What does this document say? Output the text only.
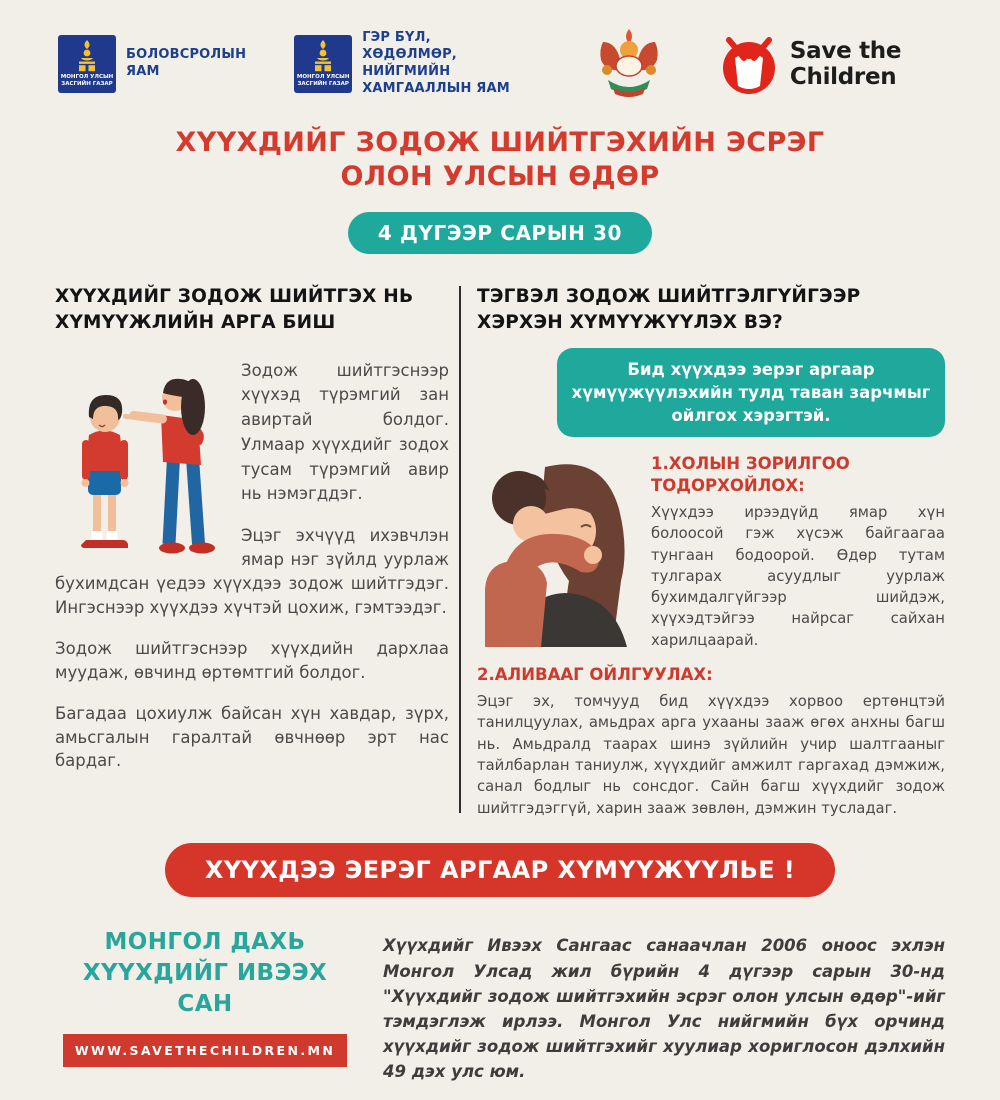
МОНГОЛ УЛСЫН
ЗАСГИЙН ГАЗАР
БОЛОВСРОЛЫН
ЯАМ	МОНГОЛ УЛСЫН
ЗАСГИЙН ГАЗАР
ГЭР БҮЛ, ХӨДӨЛМӨР,
НИЙГМИЙН ХАМГААЛЛЫН ЯАМ
Save the Children
ХҮҮХДИЙГ ЗОДОЖ ШИЙТГЭХИЙН ЭСРЭГ
ОЛОН УЛСЫН ӨДӨР
4 ДҮГЭЭР САРЫН 30
ХҮҮХДИЙГ ЗОДОЖ ШИЙТГЭХ НЬ
ХҮМҮҮЖЛИЙН АРГА БИШ

Зодож шийтгэснээр хүүхэд түрэмгий зан авиртай болдог. Улмаар хүүхдийг зодох тусам түрэмгий авир нь нэмэгддэг.

Эцэг эхчүүд ихэвчлэн ямар нэг зүйлд уурлаж бухимдсан үедээ хүүхдээ зодож шийтгэдэг. Ингэснээр хүүхдээ хүчтэй цохиж, гэмтээдэг.

Зодож шийтгэснээр хүүхдийн дархлаа муудаж, өвчинд өртөмтгий болдог.

Багадаа цохиулж байсан хүн хавдар, зүрх, амьсгалын гаралтай өвчнөөр эрт нас бардаг.

ТЭГВЭЛ ЗОДОЖ ШИЙТГЭЛГҮЙГЭЭР
ХЭРХЭН ХҮМҮҮЖҮҮЛЭХ ВЭ?
Бид хүүхдээ эерэг аргаар хүмүүжүүлэхийн тулд таван зарчмыг ойлгох хэрэгтэй.
1.ХОЛЫН ЗОРИЛГОО ТОДОРХОЙЛОХ:
Хүүхдээ ирээдүйд ямар хүн болоосой гэж хүсэж байгаагаа тунгаан бодоорой. Өдөр тутам тулгарах асуудлыг уурлаж бухимдалгүйгээр шийдэж, хүүхэдтэйгээ найрсаг сайхан харилцаарай.
2.АЛИВААГ ОЙЛГУУЛАХ:
Эцэг эх, томчууд бид хүүхдээ хорвоо ертөнцтэй танилцуулах, амьдрах арга ухааны зааж өгөх анхны багш нь. Амьдралд таарах шинэ зүйлийн учир шалтгааныг тайлбарлан таниулж, хүүхдийг амжилт гаргахад дэмжиж, санал бодлыг нь сонсдог. Сайн багш хүүхдийг зодож шийтгэдэггүй, харин зааж зөвлөн, дэмжин тусладаг.
ХҮҮХДЭЭ ЭЕРЭГ АРГААР ХҮМҮҮЖҮҮЛЬЕ !
МОНГОЛ ДАХЬ
ХҮҮХДИЙГ ИВЭЭХ САН
WWW.SAVETHECHILDREN.MN

Хүүхдийг Ивээх Сангаас санаачлан 2006 оноос эхлэн Монгол Улсад жил бүрийн 4 дүгээр сарын 30-нд "Хүүхдийг зодож шийтгэхийн эсрэг олон улсын өдөр"-ийг тэмдэглэж ирлээ. Монгол Улс нийгмийн бүх орчинд хүүхдийг зодож шийтгэхийг хуулиар хориглосон дэлхийн 49 дэх улс юм.
